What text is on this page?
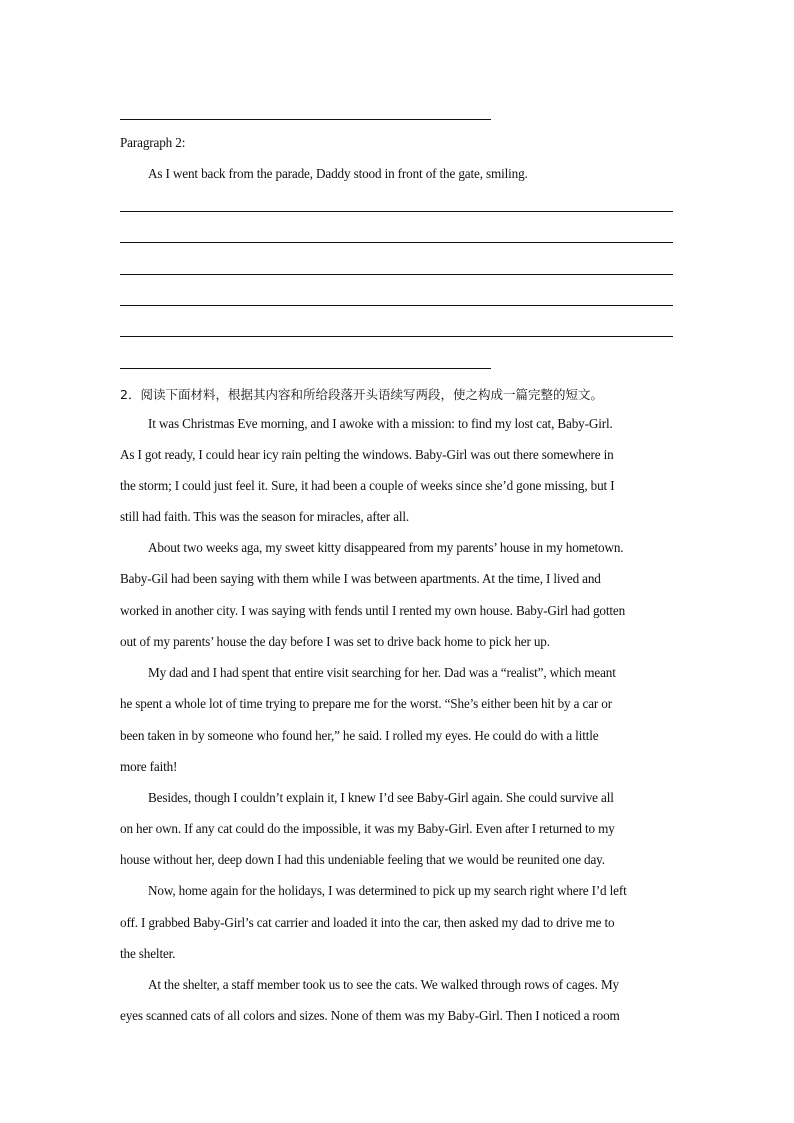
Paragraph 2:
As I went back from the parade, Daddy stood in front of the gate, smiling.
2．阅读下面材料，根据其内容和所给段落开头语续写两段，使之构成一篇完整的短文。
It was Christmas Eve morning, and I awoke with a mission: to find my lost cat, Baby-Girl.
As I got ready, I could hear icy rain pelting the windows. Baby-Girl was out there somewhere in
the storm; I could just feel it. Sure, it had been a couple of weeks since she’d gone missing, but I
still had faith. This was the season for miracles, after all.
About two weeks aga, my sweet kitty disappeared from my parents’ house in my hometown.
Baby-Gil had been saying with them while I was between apartments. At the time, I lived and
worked in another city. I was saying with fends until I rented my own house. Baby-Girl had gotten
out of my parents’ house the day before I was set to drive back home to pick her up.
My dad and I had spent that entire visit searching for her. Dad was a “realist”, which meant
he spent a whole lot of time trying to prepare me for the worst. “She’s either been hit by a car or
been taken in by someone who found her,” he said. I rolled my eyes. He could do with a little
more faith!
Besides, though I couldn’t explain it, I knew I’d see Baby-Girl again. She could survive all
on her own. If any cat could do the impossible, it was my Baby-Girl. Even after I returned to my
house without her, deep down I had this undeniable feeling that we would be reunited one day.
Now, home again for the holidays, I was determined to pick up my search right where I’d left
off. I grabbed Baby-Girl’s cat carrier and loaded it into the car, then asked my dad to drive me to
the shelter.
At the shelter, a staff member took us to see the cats. We walked through rows of cages. My
eyes scanned cats of all colors and sizes. None of them was my Baby-Girl. Then I noticed a room
